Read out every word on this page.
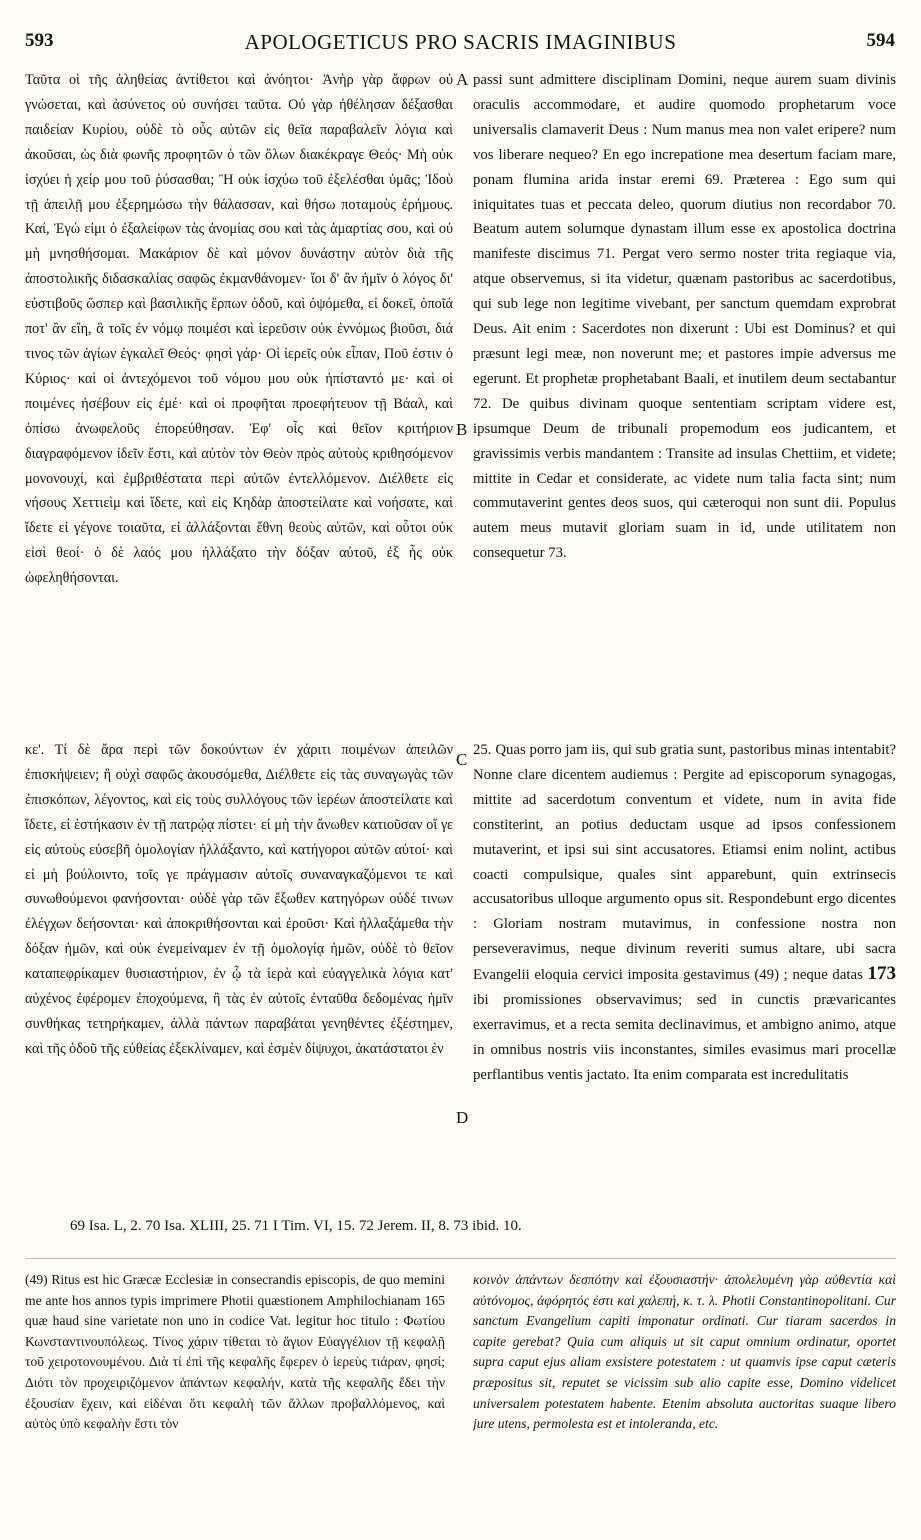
593	APOLOGETICUS PRO SACRIS IMAGINIBUS	594
A
B
C
D

Ταῦτα οἱ τῆς ἀληθείας ἀντίθετοι καὶ ἀνόητοι· Ἀνὴρ γὰρ ἄφρων οὐ γνώσεται, καὶ ἀσύνετος οὐ συνήσει ταῦτα. Οὐ γὰρ ἠθέλησαν δέξασθαι παιδείαν Κυρίου, οὐδὲ τὸ οὖς αὐτῶν εἰς θεῖα παραβαλεῖν λόγια καὶ ἀκοῦσαι, ὡς διὰ φωνῆς προφητῶν ὁ τῶν ὅλων διακέκραγε Θεός· Μὴ οὐκ ἰσχύει ἡ χείρ μου τοῦ ῥύσασθαι; Ἢ οὐκ ἰσχύω τοῦ ἐξελέσθαι ὑμᾶς; Ἰδοὺ τῇ ἀπειλῇ μου ἐξερημώσω τὴν θάλασσαν, καὶ θήσω ποταμοὺς ἐρήμους. Καί, Ἐγώ εἰμι ὁ ἐξαλείφων τὰς ἀνομίας σου καὶ τὰς ἁμαρτίας σου, καὶ οὐ μὴ μνησθήσομαι. Μακάριον δὲ καὶ μόνον δυνάστην αὐτὸν διὰ τῆς ἀποστολικῆς διδασκαλίας σαφῶς ἐκμανθάνομεν· ἴοι δ' ἂν ἡμῖν ὁ λόγος δι' εὐστιβοῦς ὥσπερ καὶ βασιλικῆς ἕρπων ὁδοῦ, καὶ ὀψόμεθα, εἰ δοκεῖ, ὁποῖά ποτ' ἂν εἴη, ἃ τοῖς ἐν νόμῳ ποιμέσι καὶ ἱερεῦσιν οὐκ ἐννόμως βιοῦσι, διά τινος τῶν ἁγίων ἐγκαλεῖ Θεός· φησὶ γάρ· Οἱ ἱερεῖς οὐκ εἶπαν, Ποῦ ἐστιν ὁ Κύριος· καὶ οἱ ἀντεχόμενοι τοῦ νόμου μου οὐκ ἠπίσταντό με· καὶ οἱ ποιμένες ἠσέβουν εἰς ἐμέ· καὶ οἱ προφῆται προεφήτευον τῇ Βάαλ, καὶ ὀπίσω ἀνωφελοῦς ἐπορεύθησαν. Ἐφ' οἷς καὶ θεῖον κριτήριον διαγραφόμενον ἰδεῖν ἔστι, καὶ αὐτὸν τὸν Θεὸν πρὸς αὐτοὺς κριθησόμενον μονονουχί, καὶ ἐμβριθέστατα περὶ αὐτῶν ἐντελλόμενον. Διέλθετε εἰς νήσους Χεττιεὶμ καὶ ἴδετε, καὶ εἰς Κηδὰρ ἀποστείλατε καὶ νοήσατε, καὶ ἴδετε εἰ γέγονε τοιαῦτα, εἰ ἀλλάξονται ἔθνη θεοὺς αὐτῶν, καὶ οὗτοι οὐκ εἰσὶ θεοί· ὁ δὲ λαός μου ἠλλάξατο τὴν δόξαν αὐτοῦ, ἐξ ἧς οὐκ ὠφεληθήσονται.

passi sunt admittere disciplinam Domini, neque aurem suam divinis oraculis accommodare, et audire quomodo prophetarum voce universalis clamaverit Deus : Num manus mea non valet eripere? num vos liberare nequeo? En ego increpatione mea desertum faciam mare, ponam flumina arida instar eremi 69. Præterea : Ego sum qui iniquitates tuas et peccata deleo, quorum diutius non recordabor 70. Beatum autem solumque dynastam illum esse ex apostolica doctrina manifeste discimus 71. Pergat vero sermo noster trita regiaque via, atque observemus, si ita videtur, quænam pastoribus ac sacerdotibus, qui sub lege non legitime vivebant, per sanctum quemdam exprobrat Deus. Ait enim : Sacerdotes non dixerunt : Ubi est Dominus? et qui præsunt legi meæ, non noverunt me; et pastores impie adversus me egerunt. Et prophetæ prophetabant Baali, et inutilem deum sectabantur 72. De quibus divinam quoque sententiam scriptam videre est, ipsumque Deum de tribunali propemodum eos judicantem, et gravissimis verbis mandantem : Transite ad insulas Chettiim, et videte; mittite in Cedar et considerate, ac videte num talia facta sint; num commutaverint gentes deos suos, qui cæteroqui non sunt dii. Populus autem meus mutavit gloriam suam in id, unde utilitatem non consequetur 73.

κε'. Τί δὲ ἄρα περὶ τῶν δοκούντων ἐν χάριτι ποιμένων ἀπειλῶν ἐπισκήψειεν; ἢ οὐχὶ σαφῶς ἀκουσόμεθα, Διέλθετε εἰς τὰς συναγωγὰς τῶν ἐπισκόπων, λέγοντος, καὶ εἰς τοὺς συλλόγους τῶν ἱερέων ἀποστείλατε καὶ ἴδετε, εἰ ἑστήκασιν ἐν τῇ πατρῴᾳ πίστει· εἰ μὴ τὴν ἄνωθεν κατιοῦσαν οἵ γε εἰς αὐτοὺς εὐσεβῆ ὁμολογίαν ἠλλάξαντο, καὶ κατήγοροι αὐτῶν αὐτοί· καὶ εἰ μὴ βούλοιντο, τοῖς γε πράγμασιν αὐτοῖς συναναγκαζόμενοι τε καὶ συνωθούμενοι φανήσονται· οὐδὲ γὰρ τῶν ἔξωθεν κατηγόρων οὐδέ τινων ἐλέγχων δεήσονται· καὶ ἀποκριθήσονται καὶ ἐροῦσι· Καὶ ἠλλαξάμεθα τὴν δόξαν ἡμῶν, καὶ οὐκ ἐνεμείναμεν ἐν τῇ ὁμολογίᾳ ἡμῶν, οὐδὲ τὸ θεῖον καταπεφρίκαμεν θυσιαστήριον, ἐν ᾧ τὰ ἱερὰ καὶ εὐαγγελικὰ λόγια κατ' αὐχένος ἐφέρομεν ἐποχούμενα, ἢ τὰς ἐν αὐτοῖς ἐνταῦθα δεδομένας ἡμῖν συνθήκας τετηρήκαμεν, ἀλλὰ πάντων παραβάται γενηθέντες ἐξέστημεν, καὶ τῆς ὁδοῦ τῆς εὐθείας ἐξεκλίναμεν, καὶ ἐσμὲν δίψυχοι, ἀκατάστατοι ἐν

25. Quas porro jam iis, qui sub gratia sunt, pastoribus minas intentabit? Nonne clare dicentem audiemus : Pergite ad episcoporum synagogas, mittite ad sacerdotum conventum et videte, num in avita fide constiterint, an potius deductam usque ad ipsos confessionem mutaverint, et ipsi sui sint accusatores. Etiamsi enim nolint, actibus coacti compulsique, quales sint apparebunt, quin extrinsecis accusatoribus ulloque argumento opus sit. Respondebunt ergo dicentes : Gloriam nostram mutavimus, in confessione nostra non perseveravimus, neque divinum reveriti sumus altare, ubi sacra Evangelii eloquia cervici imposita gestavimus (49) ; neque datas 173 ibi promissiones observavimus; sed in cunctis prævaricantes exerravimus, et a recta semita declinavimus, et ambigno animo, atque in omnibus nostris viis inconstantes, similes evasimus mari procellæ perflantibus ventis jactato. Ita enim comparata est incredulitatis

69 Isa. L, 2. 70 Isa. XLIII, 25. 71 I Tim. VI, 15. 72 Jerem. II, 8. 73 ibid. 10.

(49) Ritus est hic Græcæ Ecclesiæ in consecrandis episcopis, de quo memini me ante hos annos typis imprimere Photii quæstionem Amphilochianam 165 quæ haud sine varietate non uno in codice Vat. legitur hoc titulo : Φωτίου Κωνσταντινουπόλεως. Τίνος χάριν τίθεται τὸ ἅγιον Εὐαγγέλιον τῇ κεφαλῇ τοῦ χειροτονουμένου. Διὰ τί ἐπὶ τῆς κεφαλῆς ἔφερεν ὁ ἱερεὺς τιάραν, φησί; Διότι τὸν προχειριζόμενον ἁπάντων κεφαλήν, κατὰ τῆς κεφαλῆς ἔδει τὴν ἐξουσίαν ἔχειν, καὶ εἰδέναι ὅτι κεφαλὴ τῶν ἄλλων προβαλλόμενος, καὶ αὐτὸς ὑπὸ κεφαλὴν ἔστι τὸν

κοινὸν ἁπάντων δεσπότην καὶ ἐξουσιαστήν· ἀπολελυμένη γὰρ αὐθεντία καὶ αὐτόνομος, ἀφόρητός ἐστι καὶ χαλεπή, κ. τ. λ. Photii Constantinopolitani. Cur sanctum Evangelium capiti imponatur ordinati. Cur tiaram sacerdos in capite gerebat? Quia cum aliquis ut sit caput omnium ordinatur, oportet supra caput ejus aliam exsistere potestatem : ut quamvis ipse caput cæteris præpositus sit, reputet se vicissim sub alio capite esse, Domino videlicet universalem potestatem habente. Etenim absoluta auctoritas suaque libero jure utens, permolesta est et intoleranda, etc.
